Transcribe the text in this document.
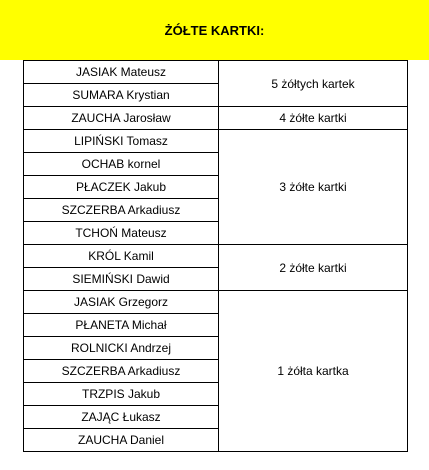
ŻÓŁTE KARTKI:
JASIAK Mateusz	5 żółtych kartek
SUMARA Krystian	
ZAUCHA Jarosław	4 żółte kartki
LIPIŃSKI Tomasz	3 żółte kartki
OCHAB kornel	
PŁACZEK Jakub	
SZCZERBA Arkadiusz	
TCHOŃ Mateusz	
KRÓL Kamil	2 żółte kartki
SIEMIŃSKI Dawid	
JASIAK Grzegorz	1 żółta kartka
PŁANETA Michał	
ROLNICKI Andrzej	
SZCZERBA Arkadiusz	
TRZPIS Jakub	
ZAJĄC Łukasz	
ZAUCHA Daniel	
